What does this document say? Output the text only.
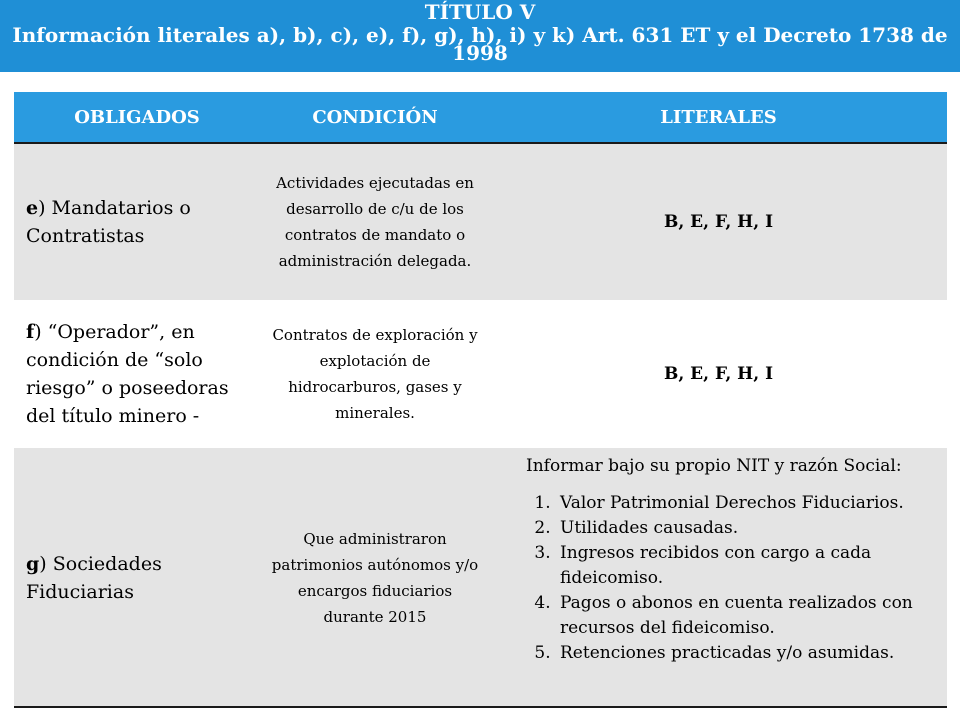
TÍTULO V
Información literales a), b), c), e), f), g), h), i) y k) Art. 631 ET y el Decreto 1738 de 1998
OBLIGADOS	CONDICIÓN	LITERALES
e) Mandatarios o Contratistas
Actividades ejecutadas en desarrollo de c/u de los contratos de mandato o administración delegada.
B, E, F, H, I
f) “Operador”, en condición de “solo riesgo” o poseedoras del título minero -
Contratos de exploración y explotación de hidrocarburos, gases y minerales.
B, E, F, H, I
g) Sociedades Fiduciarias
Que administraron patrimonios autónomos y/o encargos fiduciarios durante 2015
Informar bajo su propio NIT y razón Social:
1. Valor Patrimonial Derechos Fiduciarios.
2. Utilidades causadas.
3. Ingresos recibidos con cargo a cada fideicomiso.
4. Pagos o abonos en cuenta realizados con recursos del fideicomiso.
5. Retenciones practicadas y/o asumidas.
